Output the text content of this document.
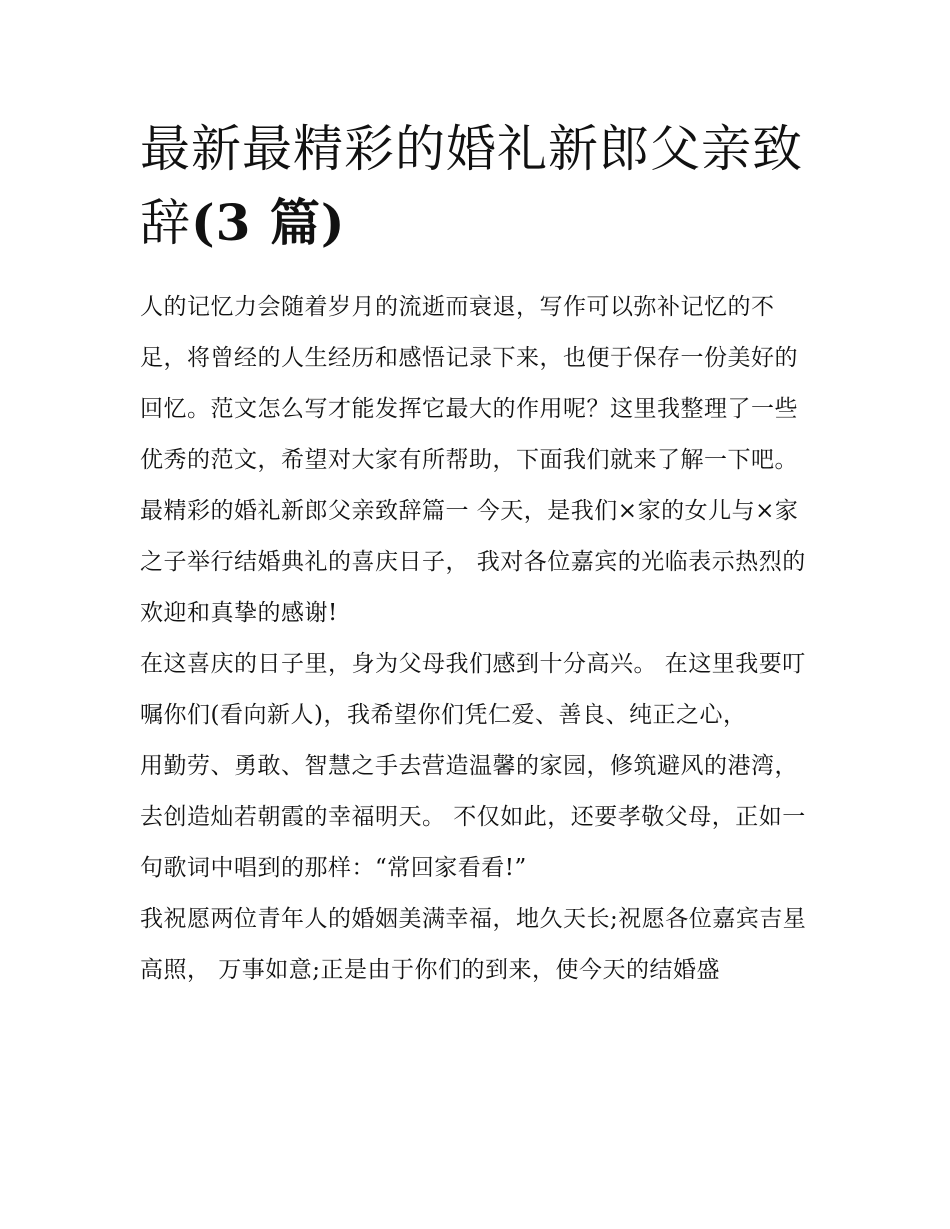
最新最精彩的婚礼新郎父亲致辞(3 篇)

人的记忆力会随着岁月的流逝而衰退，写作可以弥补记忆的不足，将曾经的人生经历和感悟记录下来，也便于保存一份美好的回忆。范文怎么写才能发挥它最大的作用呢？这里我整理了一些优秀的范文，希望对大家有所帮助，下面我们就来了解一下吧。

最精彩的婚礼新郎父亲致辞篇一 今天，是我们×家的女儿与×家之子举行结婚典礼的喜庆日子， 我对各位嘉宾的光临表示热烈的欢迎和真挚的感谢!

在这喜庆的日子里，身为父母我们感到十分高兴。 在这里我要叮嘱你们(看向新人)，我希望你们凭仁爱、善良、纯正之心，

用勤劳、勇敢、智慧之手去营造温馨的家园，修筑避风的港湾， 去创造灿若朝霞的幸福明天。 不仅如此，还要孝敬父母，正如一句歌词中唱到的那样：“常回家看看!”

我祝愿两位青年人的婚姻美满幸福，地久天长;祝愿各位嘉宾吉星高照， 万事如意;正是由于你们的到来，使今天的结婚盛
